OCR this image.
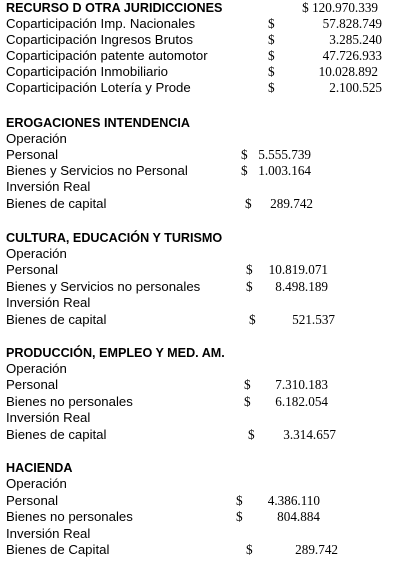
RECURSO D OTRA JURIDICCIONES	$ 120.970.339
Coparticipación Imp. Nacionales	$	57.828.749
Coparticipación Ingresos Brutos	$	3.285.240
Coparticipación patente automotor	$	47.726.933
Coparticipación Inmobiliario	$	10.028.892
Coparticipación Lotería y Prode	$	2.100.525
EROGACIONES INTENDENCIA
Operación
Personal	$ 5.555.739
Bienes y Servicios no Personal	$ 1.003.164
Inversión Real
Bienes de capital	$ 289.742
CULTURA, EDUCACIÓN Y TURISMO
Operación
Personal	$ 10.819.071
Bienes y Servicios no personales	$ 8.498.189
Inversión Real
Bienes de capital	$	521.537
PRODUCCIÓN, EMPLEO Y MED. AM.
Operación
Personal	$ 7.310.183
Bienes no personales	$ 6.182.054
Inversión Real
Bienes de capital	$ 3.314.657
HACIENDA
Operación
Personal	$ 4.386.110
Bienes no personales	$	804.884
Inversión Real
Bienes de Capital	$	289.742
